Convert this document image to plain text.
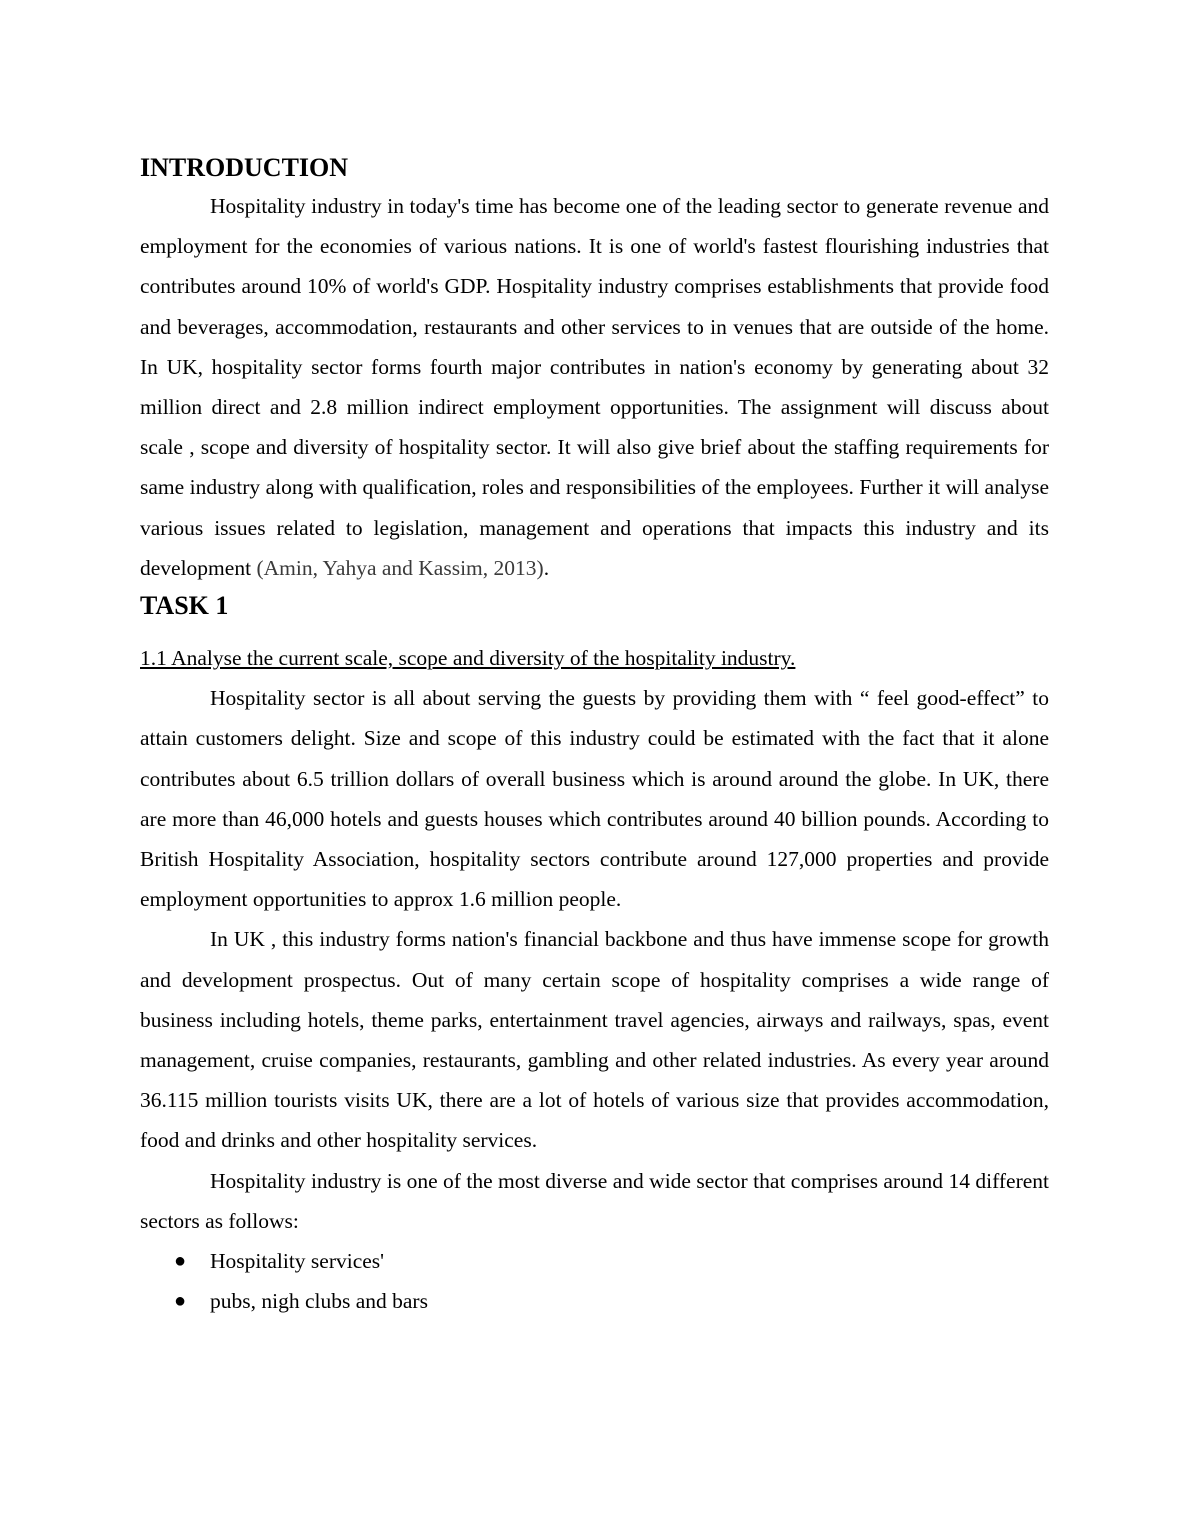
INTRODUCTION

Hospitality industry in today's time has become one of the leading sector to generate revenue and employment for the economies of various nations. It is one of world's fastest flourishing industries that contributes around 10% of world's GDP. Hospitality industry comprises establishments that provide food and beverages, accommodation, restaurants and other services to in venues that are outside of the home. In UK, hospitality sector forms fourth major contributes in nation's economy by generating about 32 million direct and 2.8 million indirect employment opportunities. The assignment will discuss about scale , scope and diversity of hospitality sector. It will also give brief about the staffing requirements for same industry along with qualification, roles and responsibilities of the employees. Further it will analyse various issues related to legislation, management and operations that impacts this industry and its development (Amin, Yahya and Kassim, 2013).

TASK 1

1.1 Analyse the current scale, scope and diversity of the hospitality industry.

Hospitality sector is all about serving the guests by providing them with “ feel good-effect” to attain customers delight. Size and scope of this industry could be estimated with the fact that it alone contributes about 6.5 trillion dollars of overall business which is around around the globe. In UK, there are more than 46,000 hotels and guests houses which contributes around 40 billion pounds. According to British Hospitality Association, hospitality sectors contribute around 127,000 properties and provide employment opportunities to approx 1.6 million people.

In UK , this industry forms nation's financial backbone and thus have immense scope for growth and development prospectus. Out of many certain scope of hospitality comprises a wide range of business including hotels, theme parks, entertainment travel agencies, airways and railways, spas, event management, cruise companies, restaurants, gambling and other related industries. As every year around 36.115 million tourists visits UK, there are a lot of hotels of various size that provides accommodation, food and drinks and other hospitality services.

Hospitality industry is one of the most diverse and wide sector that comprises around 14 different sectors as follows:

● Hospitality services'
● pubs, nigh clubs and bars
